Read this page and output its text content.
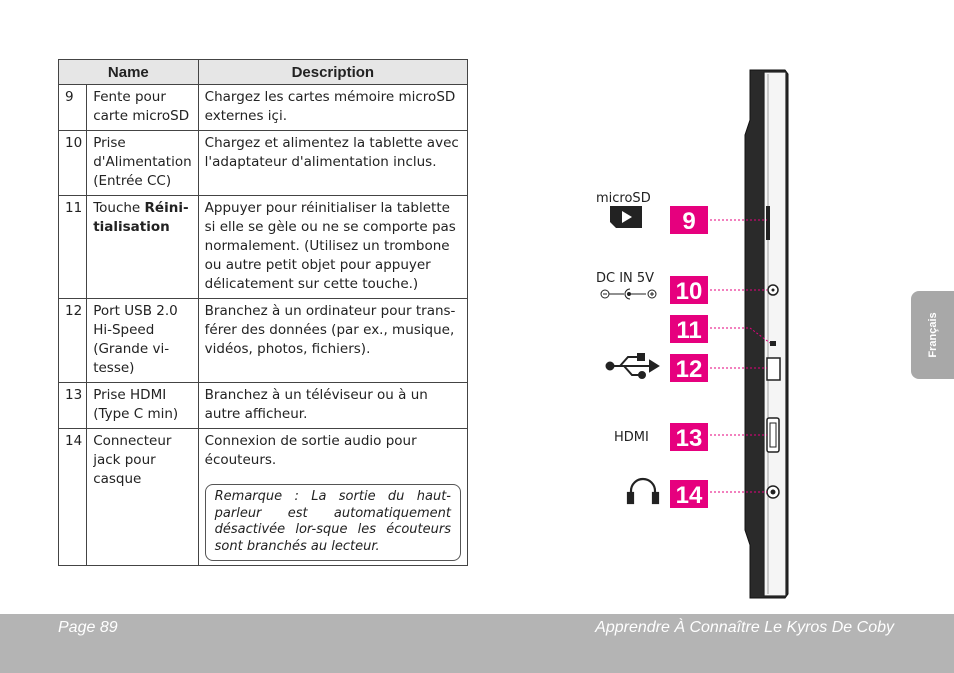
Name		Description
9	Fente pour carte microSD	Chargez les cartes mémoire microSD externes içi.
10	Prise d'Alimentation (Entrée CC)	Chargez et alimentez la tablette avec l'adaptateur d'alimentation inclus.
11	Touche Réini-tialisation	Appuyer pour réinitialiser la tablette si elle se gèle ou ne se comporte pas normalement. (Utilisez un trombone ou autre petit objet pour appuyer délicatement sur cette touche.)
12	Port USB 2.0 Hi-Speed (Grande vi-tesse)	Branchez à un ordinateur pour trans-férer des données (par ex., musique, vidéos, photos, fichiers).
13	Prise HDMI (Type C min)	Branchez à un téléviseur ou à un autre afficheur.
14	Connecteur jack pour casque	Connexion de sortie audio pour écouteurs.
Remarque : La sortie du haut-parleur est automatiquement désactivée lor-sque les écouteurs sont branchés au lecteur.
microSD
DC IN 5V
HDMI
9
10
11
12
13
14
Français
Page 89	Apprendre À Connaître Le Kyros De Coby
